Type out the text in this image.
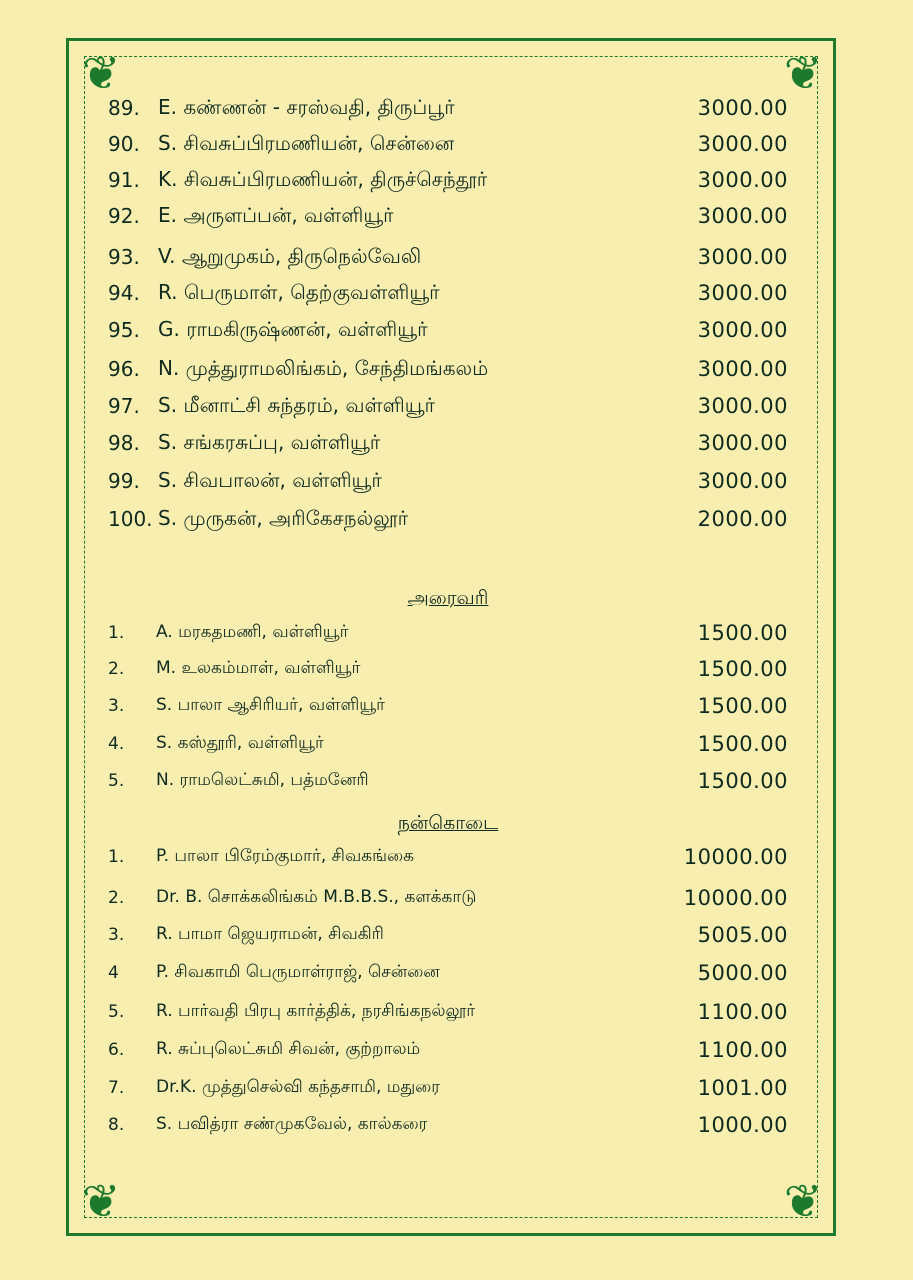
❦	❦
❦	❦
89. E. கண்ணன் - சரஸ்வதி, திருப்பூர்	3000.00
90. S. சிவசுப்பிரமணியன், சென்னை	3000.00
91. K. சிவசுப்பிரமணியன், திருச்செந்தூர்	3000.00
92. E. அருளப்பன், வள்ளியூர்	3000.00
93. V. ஆறுமுகம், திருநெல்வேலி	3000.00
94. R. பெருமாள், தெற்குவள்ளியூர்	3000.00
95. G. ராமகிருஷ்ணன், வள்ளியூர்	3000.00
96. N. முத்துராமலிங்கம், சேந்திமங்கலம்	3000.00
97. S. மீனாட்சி சுந்தரம், வள்ளியூர்	3000.00
98. S. சங்கரசுப்பு, வள்ளியூர்	3000.00
99. S. சிவபாலன், வள்ளியூர்	3000.00
100. S. முருகன், அரிகேசநல்லூர்	2000.00
அரைவரி
1.	A. மரகதமணி, வள்ளியூர்	1500.00
2.	M. உலகம்மாள், வள்ளியூர்	1500.00
3.	S. பாலா ஆசிரியர், வள்ளியூர்	1500.00
4.	S. கஸ்தூரி, வள்ளியூர்	1500.00
5.	N. ராமலெட்சுமி, பத்மனேரி	1500.00
நன்கொடை
1.	P. பாலா பிரேம்குமார், சிவகங்கை	10000.00
2.	Dr. B. சொக்கலிங்கம் M.B.B.S., களக்காடு	10000.00
3.	R. பாமா ஜெயராமன், சிவகிரி	5005.00
4	P. சிவகாமி பெருமாள்ராஜ், சென்னை	5000.00
5.	R. பார்வதி பிரபு கார்த்திக், நரசிங்கநல்லூர்	1100.00
6.	R. சுப்புலெட்சுமி சிவன், குற்றாலம்	1100.00
7.	Dr.K. முத்துசெல்வி கந்தசாமி, மதுரை	1001.00
8.	S. பவித்ரா சண்முகவேல், கால்கரை	1000.00
